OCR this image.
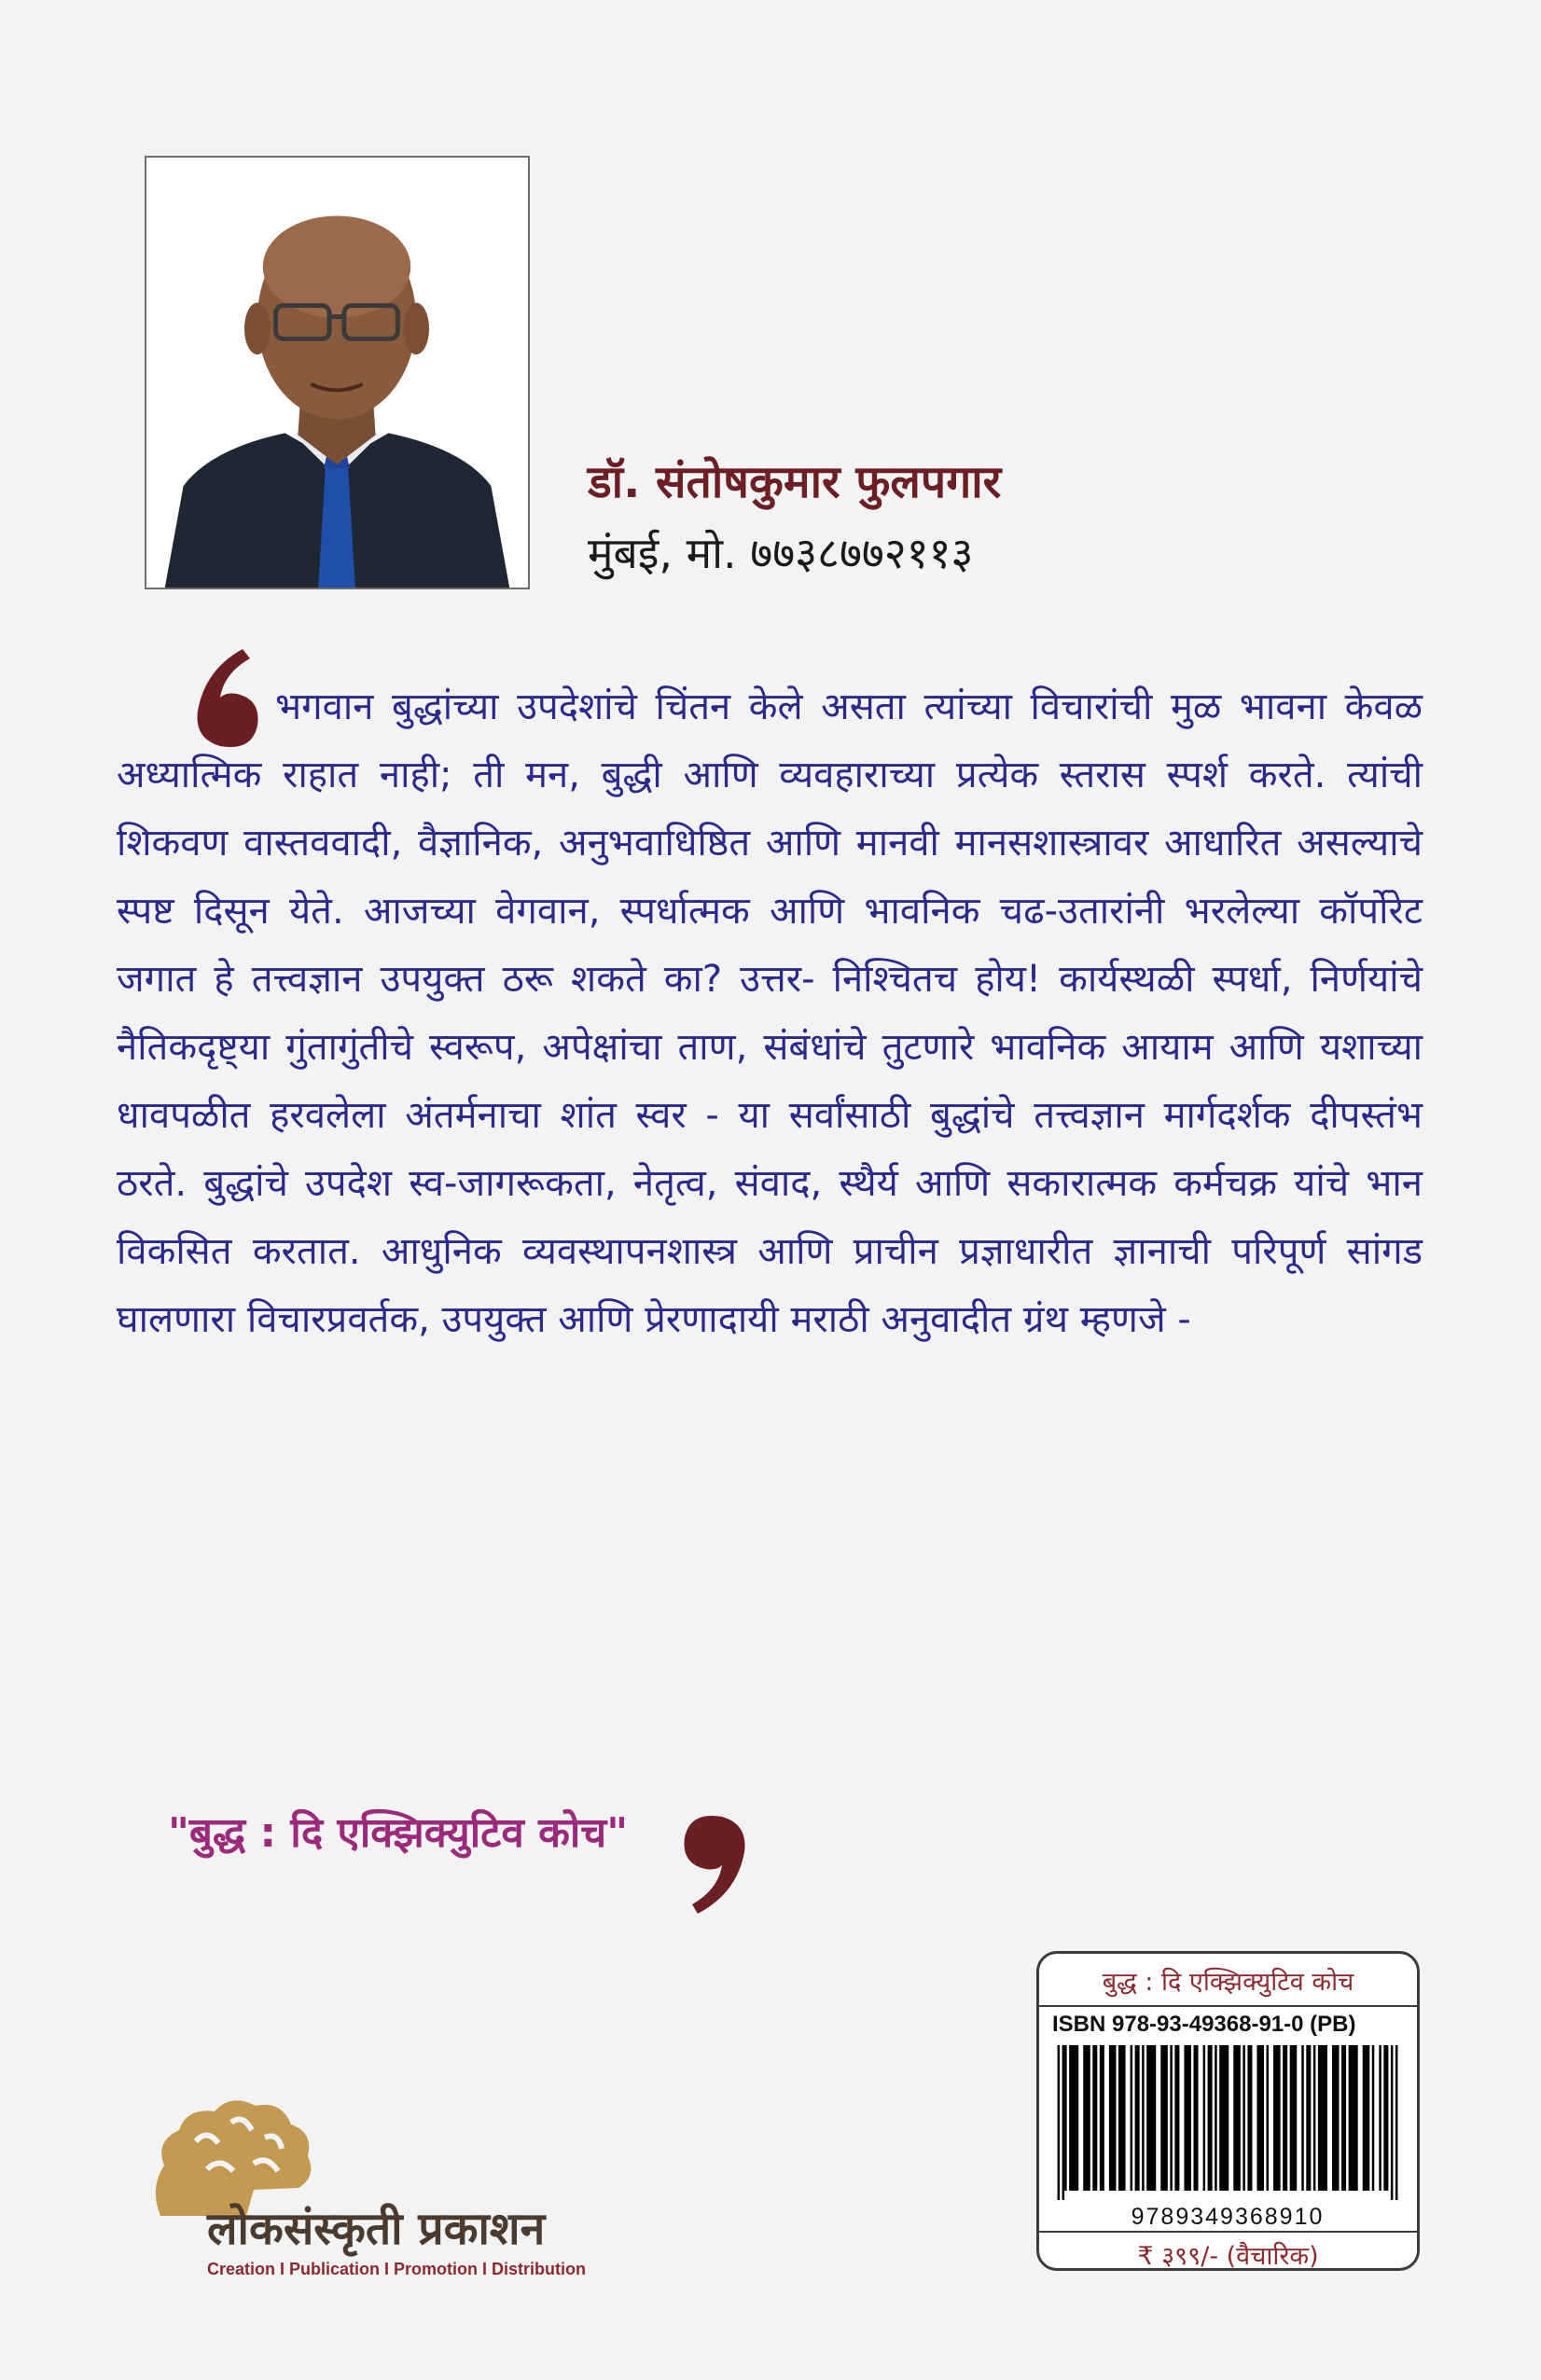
डॉ. संतोषकुमार फुलपगार
मुंबई, मो. ७७३८७७२११३
भगवान बुद्धांच्या उपदेशांचे चिंतन केले असता त्यांच्या विचारांची मुळ भावना केवळ अध्यात्मिक राहात नाही; ती मन, बुद्धी आणि व्यवहाराच्या प्रत्येक स्तरास स्पर्श करते. त्यांची शिकवण वास्तववादी, वैज्ञानिक, अनुभवाधिष्ठित आणि मानवी मानसशास्त्रावर आधारित असल्याचे स्पष्ट दिसून येते. आजच्या वेगवान, स्पर्धात्मक आणि भावनिक चढ-उतारांनी भरलेल्या कॉर्पोरेट जगात हे तत्त्वज्ञान उपयुक्त ठरू शकते का? उत्तर- निश्चितच होय! कार्यस्थळी स्पर्धा, निर्णयांचे नैतिकदृष्ट्या गुंतागुंतीचे स्वरूप, अपेक्षांचा ताण, संबंधांचे तुटणारे भावनिक आयाम आणि यशाच्या धावपळीत हरवलेला अंतर्मनाचा शांत स्वर - या सर्वांसाठी बुद्धांचे तत्त्वज्ञान मार्गदर्शक दीपस्तंभ ठरते. बुद्धांचे उपदेश स्व-जागरूकता, नेतृत्व, संवाद, स्थैर्य आणि सकारात्मक कर्मचक्र यांचे भान विकसित करतात. आधुनिक व्यवस्थापनशास्त्र आणि प्राचीन प्रज्ञाधारीत ज्ञानाची परिपूर्ण सांगड घालणारा विचारप्रवर्तक, उपयुक्त आणि प्रेरणादायी मराठी अनुवादीत ग्रंथ म्हणजे -
"बुद्ध : दि एक्झिक्युटिव कोच"
लोकसंस्कृती प्रकाशन
Creation I Publication I Promotion I Distribution
बुद्ध : दि एक्झिक्युटिव कोच
ISBN 978-93-49368-91-0 (PB)
9789349368910
₹ ३९९/- (वैचारिक)
